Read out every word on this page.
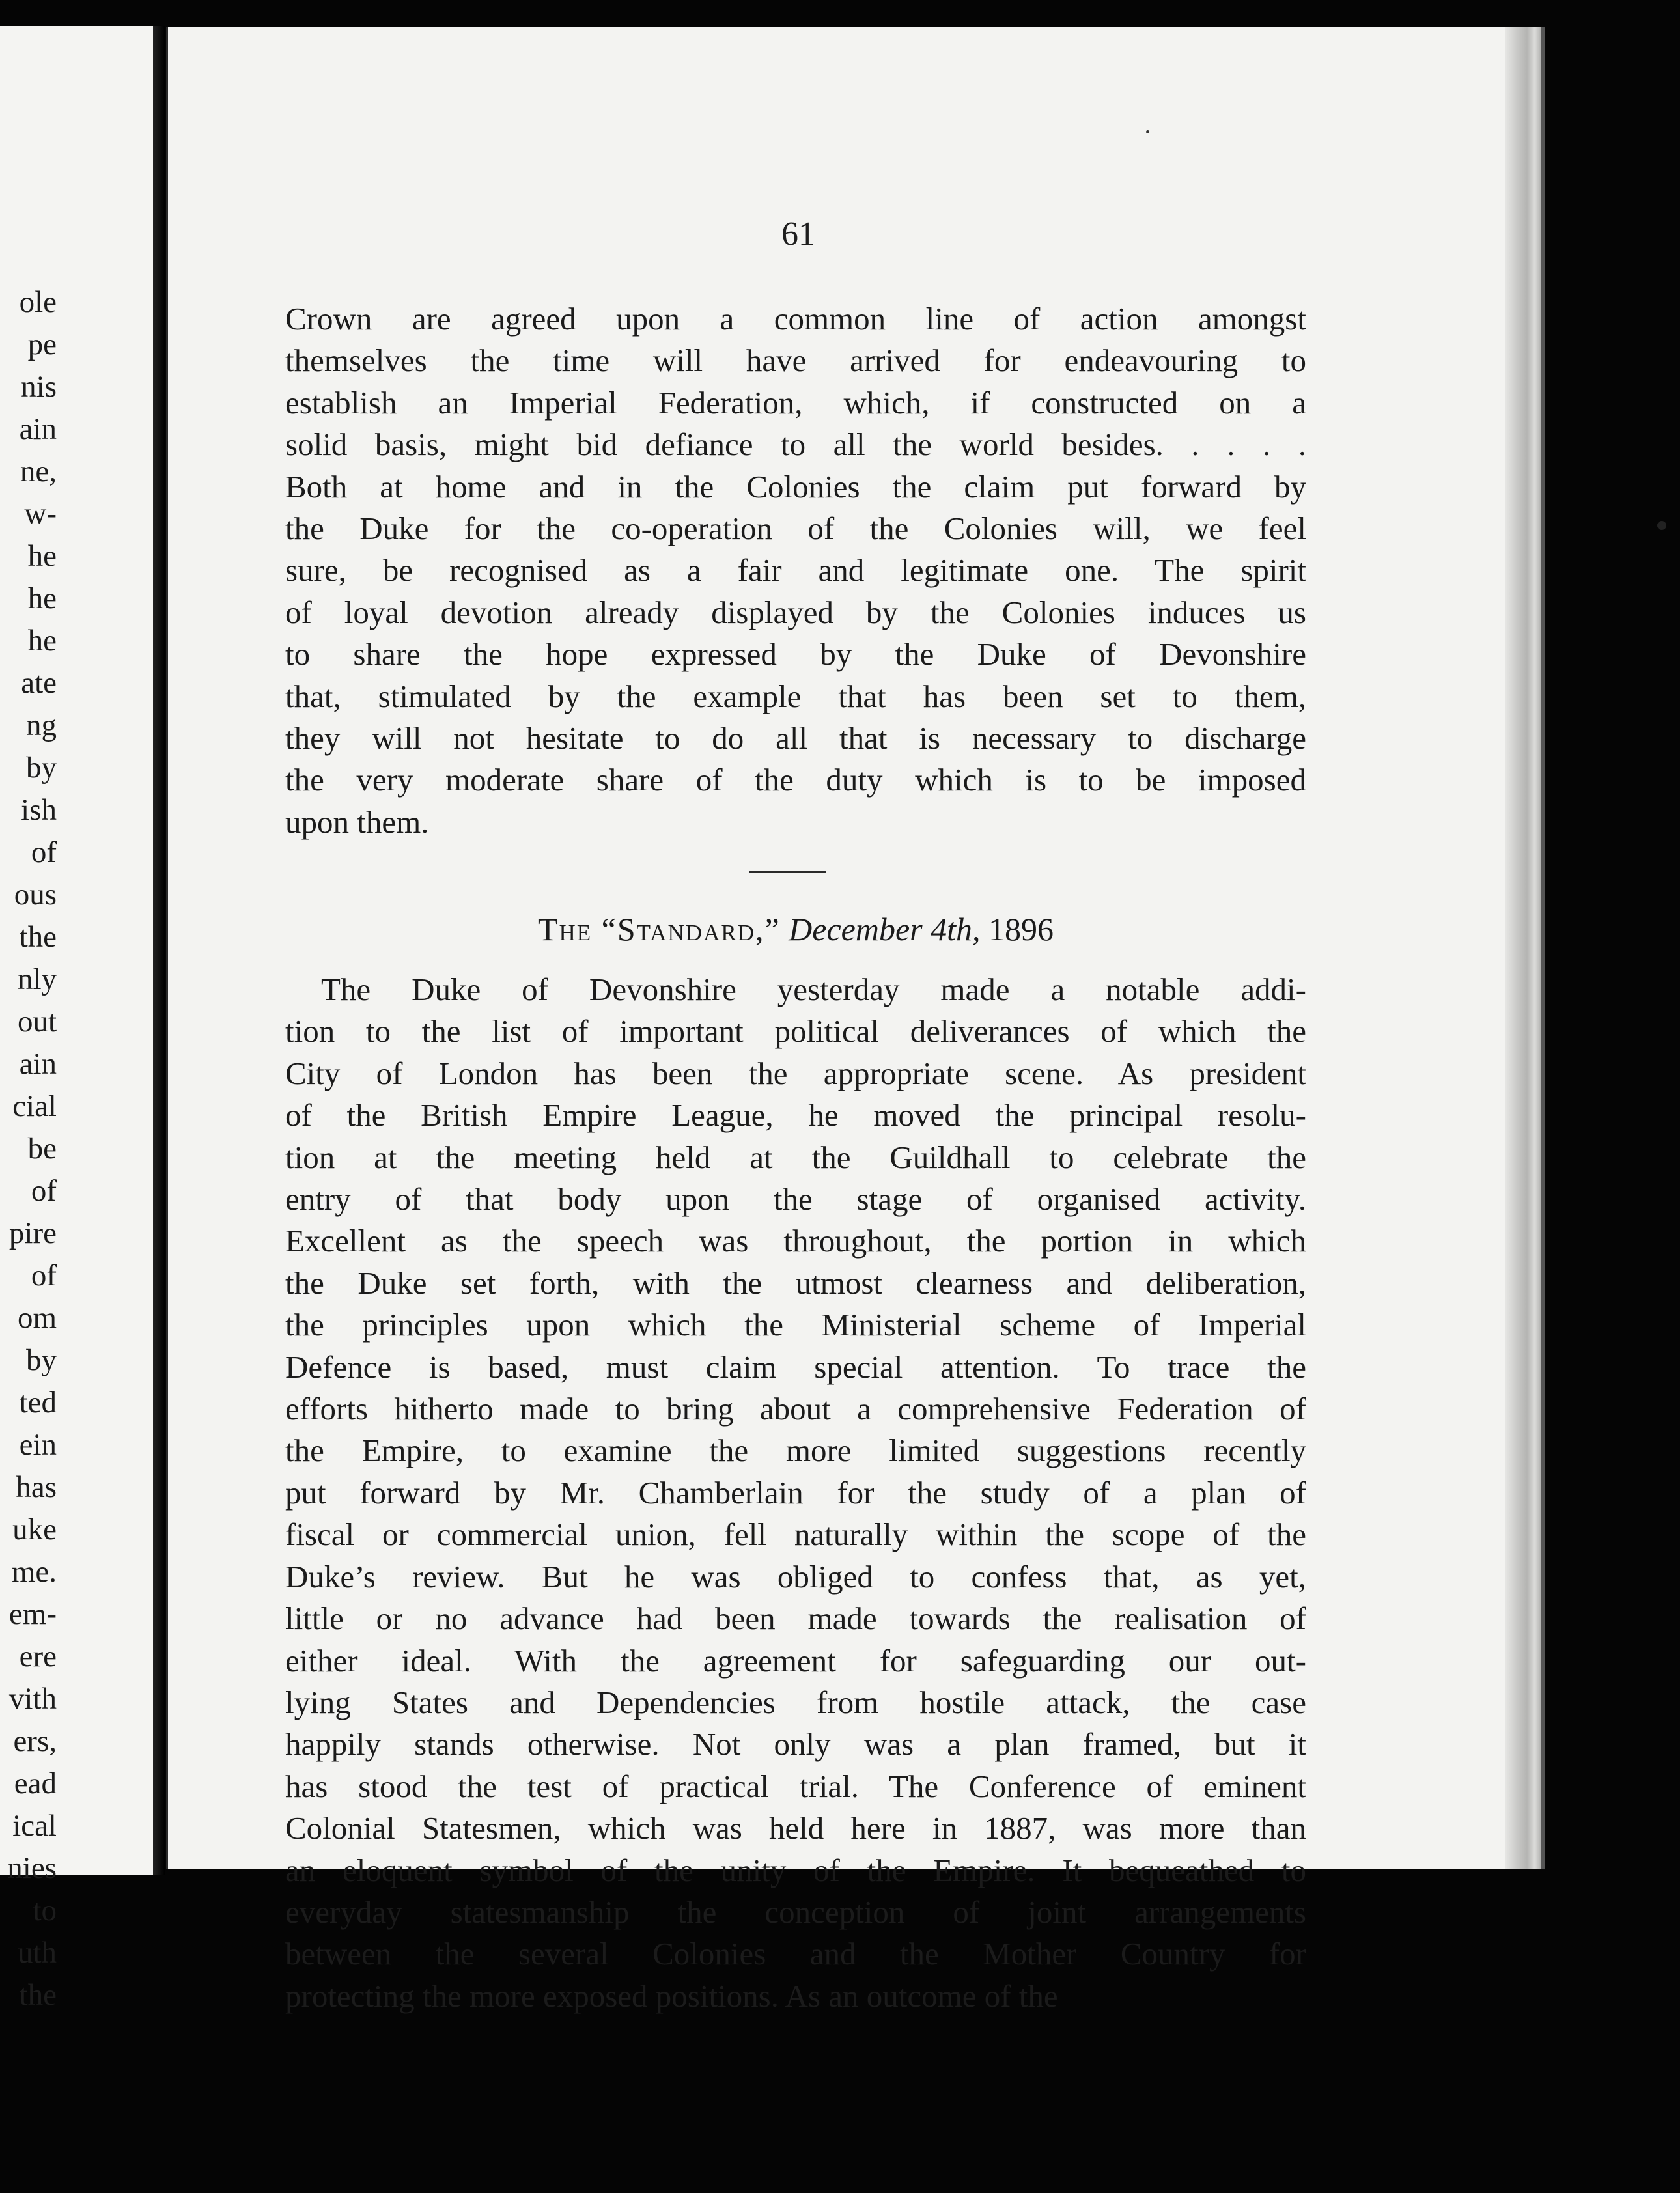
ole
pe
nis
ain
ne,
w-
he
he
he
ate
ng
by
ish
of
ous
the
nly
out
ain
cial
be
of
pire
of
om
by
ted
ein
has
uke
me.
em-
ere
vith
ers,
ead
ical
nies
to
uth
the
61
Crown are agreed upon a common line of action amongst
themselves the time will have arrived for endeavouring to
establish an Imperial Federation, which, if constructed on a
solid basis, might bid defiance to all the world besides. . . . .
Both at home and in the Colonies the claim put forward by
the Duke for the co-operation of the Colonies will, we feel
sure, be recognised as a fair and legitimate one. The spirit
of loyal devotion already displayed by the Colonies induces us
to share the hope expressed by the Duke of Devonshire
that, stimulated by the example that has been set to them,
they will not hesitate to do all that is necessary to discharge
the very moderate share of the duty which is to be imposed
upon them.
The “Standard,” December 4th, 1896
The Duke of Devonshire yesterday made a notable addi-
tion to the list of important political deliverances of which the
City of London has been the appropriate scene. As president
of the British Empire League, he moved the principal resolu-
tion at the meeting held at the Guildhall to celebrate the
entry of that body upon the stage of organised activity.
Excellent as the speech was throughout, the portion in which
the Duke set forth, with the utmost clearness and deliberation,
the principles upon which the Ministerial scheme of Imperial
Defence is based, must claim special attention. To trace the
efforts hitherto made to bring about a comprehensive Federation of
the Empire, to examine the more limited suggestions recently
put forward by Mr. Chamberlain for the study of a plan of
fiscal or commercial union, fell naturally within the scope of the
Duke’s review. But he was obliged to confess that, as yet,
little or no advance had been made towards the realisation of
either ideal. With the agreement for safeguarding our out-
lying States and Dependencies from hostile attack, the case
happily stands otherwise. Not only was a plan framed, but it
has stood the test of practical trial. The Conference of eminent
Colonial Statesmen, which was held here in 1887, was more than
an eloquent symbol of the unity of the Empire. It bequeathed to
everyday statesmanship the conception of joint arrangements
between the several Colonies and the Mother Country for
protecting the more exposed positions. As an outcome of the
